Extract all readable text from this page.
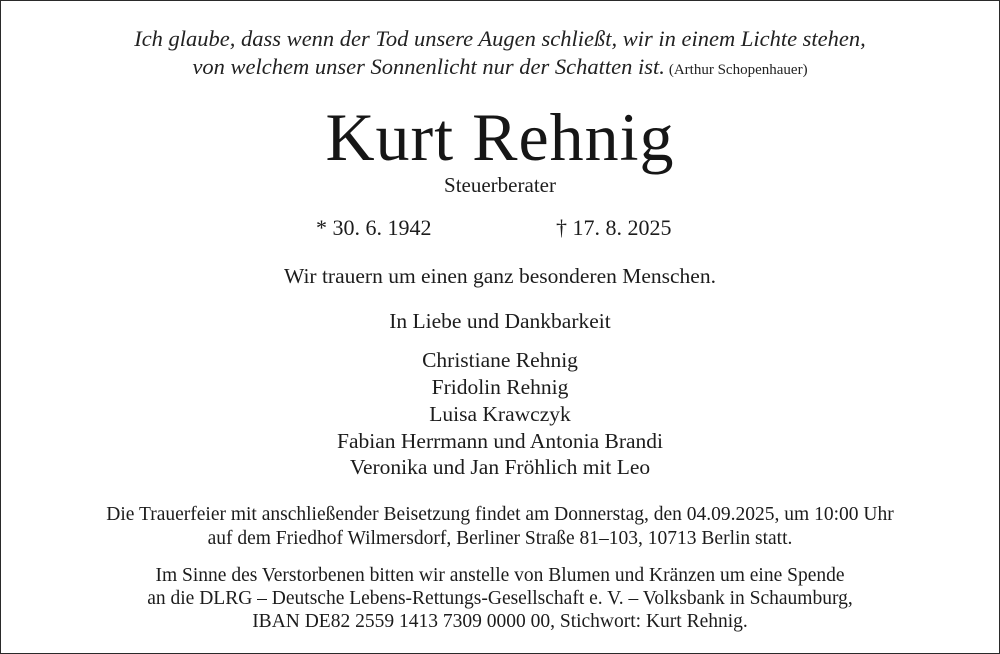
Ich glaube, dass wenn der Tod unsere Augen schließt, wir in einem Lichte stehen,
von welchem unser Sonnenlicht nur der Schatten ist. (Arthur Schopenhauer)
Kurt Rehnig
Steuerberater
* 30. 6. 1942	† 17. 8. 2025
Wir trauern um einen ganz besonderen Menschen.
In Liebe und Dankbarkeit
Christiane Rehnig
Fridolin Rehnig
Luisa Krawczyk
Fabian Herrmann und Antonia Brandi
Veronika und Jan Fröhlich mit Leo
Die Trauerfeier mit anschließender Beisetzung findet am Donnerstag, den 04.09.2025, um 10:00 Uhr
auf dem Friedhof Wilmersdorf, Berliner Straße 81–103, 10713 Berlin statt.
Im Sinne des Verstorbenen bitten wir anstelle von Blumen und Kränzen um eine Spende
an die DLRG – Deutsche Lebens-Rettungs-Gesellschaft e. V. – Volksbank in Schaumburg,
IBAN DE82 2559 1413 7309 0000 00, Stichwort: Kurt Rehnig.
